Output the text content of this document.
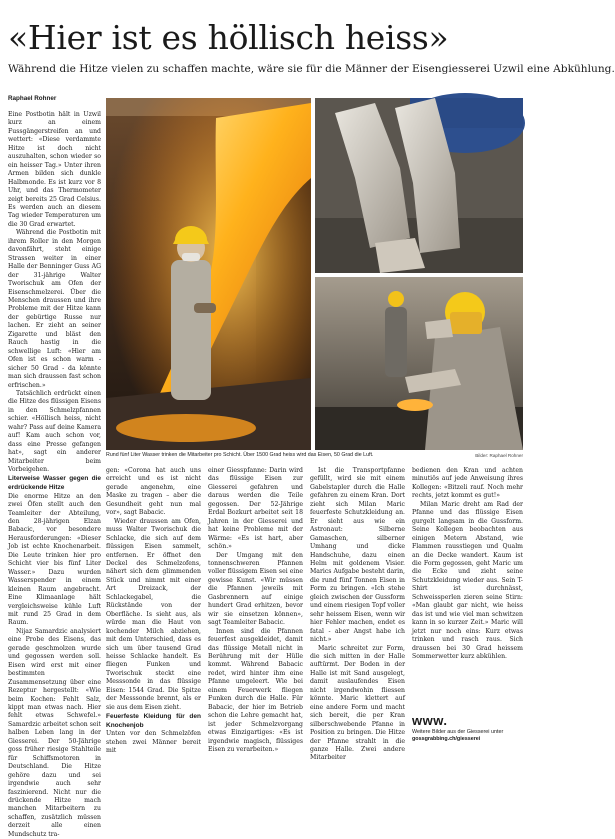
«Hier ist es höllisch heiss»
Während die Hitze vielen zu schaffen machte, wäre sie für die Männer der Eisengiesserei Uzwil eine Abkühlung.
Raphael Rohner

Eine Postbotin hält in Uzwil kurz an einem Fussgängerstreifen an und wettert: «Diese verdammte Hitze ist doch nicht auszuhalten, schon wieder so ein heisser Tag.» Unter ihren Armen bilden sich dunkle Halbmonde. Es ist kurz vor 8 Uhr, und das Thermometer zeigt bereits 25 Grad Celsius. Es werden auch an diesem Tag wieder Temperaturen um die 30 Grad erwartet.

Während die Postbotin mit ihrem Roller in den Morgen davonfährt, steht einige Strassen weiter in einer Halle der Benninger Guss AG der 31-jährige Walter Tworischuk am Ofen der Eisenschmelzerei. Über die Menschen draussen und ihre Probleme mit der Hitze kann der gebürtige Russe nur lachen. Er zieht an seiner Zigarette und bläst den Rauch hastig in die schwellige Luft: «Hier am Ofen ist es schon warm - sicher 50 Grad - da könnte man sich draussen fast schon erfrischen.»

Tatsächlich erdrückt einen die Hitze des flüssigen Eisens in den Schmelzpfannen schier. «Höllisch heiss, nicht wahr? Pass auf deine Kamera auf! Kam auch schon vor, dass eine Presse gefangen hat», sagt ein anderer Mitarbeiter beim Vorbeigehen.

Literweise Wasser gegen die erdrückende Hitze

Die enorme Hitze an den zwei Öfen stellt auch den Teamleiter der Abteilung, den 28-jährigen Elzan Babacic, vor besondere Herausforderungen: «Dieser Job ist echte Knochenarbeit. Die Leute trinken hier pro Schicht vier bis fünf Liter Wasser.» Dazu wurden Wasserspender in einem kleinen Raum angebracht. Eine Klimaanlage hält vergleichsweise kühle Luft mit rund 25 Grad in dem Raum.

Nijaz Samardzic analysiert eine Probe des Eisens, das gerade geschmolzen wurde und gegossen werden soll. Eisen wird erst mit einer bestimmten Zusammensetzung über eine Rezeptur hergestellt: «Wie beim Kochen: Fehlt Salz, kippt man etwas nach. Hier fehlt etwas Schwefel.» Samardzic arbeitet schon seit halben Leben lang in der Giesserei. Der 50-Jährige goss früher riesige Stahlteile für Schiffsmotoren in Deutschland. Die Hitze gehöre dazu und sei irgendwie auch sehr faszinierend. Nicht nur die drückende Hitze mach manchen Mitarbeitern zu schaffen, zusätzlich müssen derzeit alle einen Mundschutz tra-

Rund fünf Liter Wasser trinken die Mitarbeiter pro Schicht. Über 1500 Grad heiss wird das Eisen, 50 Grad die Luft.	Bilder: Raphael Rohner

gen: «Corona hat auch uns erreicht und es ist nicht gerade angenehm, eine Maske zu tragen – aber die Gesundheit geht nun mal vor», sagt Babacic.

Wieder draussen am Ofen, muss Walter Tworischuk die Schlacke, die sich auf dem flüssigen Eisen sammelt, entfernen. Er öffnet den Deckel des Schmelzofens, nähert sich dem glimmenden Stück und nimmt mit einer Art Dreizack, der Schlackegabel, die Rückstände von der Oberfläche. Is sieht aus, als würde man die Haut von kochender Milch abziehen, mit dem Unterschied, dass es sich um über tausend Grad heisse Schlacke handelt. Es fliegen Funken und Tworischuk steckt eine Messsonde in das flüssige Eisen: 1544 Grad. Die Spitze der Messsonde brennt, als er sie aus dem Eisen zieht.

Feuerfeste Kleidung für den Knochenjob

Unten vor den Schmelzöfen stehen zwei Männer bereit mit

einer Giesspfanne: Darin wird das flüssige Eisen zur Giesserei gefahren und daraus werden die Teile gegossen. Der 52-Jährige Erdal Bozkurt arbeitet seit 18 Jahren in der Giesserei und hat keine Probleme mit der Wärme: «Es ist hart, aber schön.»

Der Umgang mit den tonnenschweren Pfannen voller flüssigem Eisen sei eine gewisse Kunst. «Wir müssen die Pfannen jeweils mit Gasbrennern auf einige hundert Grad erhitzen, bevor wir sie einsetzen können», sagt Teamleiter Babacic.

Innen sind die Pfannen feuerfest ausgekleidet, damit das flüssige Metall nicht in Berührung mit der Hülle kommt. Während Babacic redet, wird hinter ihm eine Pfanne umgeleert. Wie bei einem Feuerwerk fliegen Funken durch die Halle. Für Babacic, der hier im Betrieb schon die Lehre gemacht hat, ist jeder Schmelzvorgang etwas Einzigartiges: «Es ist irgendwie magisch, flüssiges Eisen zu verarbeiten.»

Ist die Transportpfanne gefüllt, wird sie mit einem Gabelstapler durch die Halle gefahren zu einem Kran. Dort zieht sich Milan Maric feuerfeste Schutzkleidung an. Er sieht aus wie ein Astronaut: Silberne Gamaschen, silberner Umhang und dicke Handschuhe, dazu einen Helm mit goldenem Visier. Marics Aufgabe besteht darin, die rund fünf Tonnen Eisen in Form zu bringen. «Ich stehe gleich zwischen der Gussform und einem riesigen Topf voller sehr heissem Eisen, wenn wir hier Fehler machen, endet es fatal - aber Angst habe ich nicht.»

Maric schreitet zur Form, die sich mitten in der Halle auftürmt. Der Boden in der Halle ist mit Sand ausgelegt, damit auslaufendes Eisen nicht irgendwohin fliessen könnte. Maric klettert auf eine andere Form und macht sich bereit, die per Kran silberschwebende Pfanne in Position zu bringen. Die Hitze der Pfanne strahlt in die ganze Halle. Zwei andere Mitarbeiter

bedienen den Kran und achten minutiös auf jede Anweisung ihres Kollegen: «Bitzeli rauf. Noch mehr rechts, jetzt kommt es gut!»

Milan Maric dreht am Rad der Pfanne und das flüssige Eisen gurgelt langsam in die Gussform. Seine Kollegen beobachten aus einigen Metern Abstand, wie Flammen rausstiegen und Qualm an die Decke wandert. Kaum ist die Form gegossen, geht Maric um die Ecke und zieht seine Schutzkleidung wieder aus. Sein T-Shirt ist durchnässt, Schweissperlen zieren seine Stirn: «Man glaubt gar nicht, wie heiss das ist und wie viel man schwitzen kann in so kurzer Zeit.» Maric will jetzt nur noch eins: Kurz etwas trinken und rasch raus. Sich draussen bei 30 Grad heissem Sommerwetter kurz abkühlen.

www.
Weitere Bilder aus der Giesserei unter gossgrabbing.ch/giesserei
